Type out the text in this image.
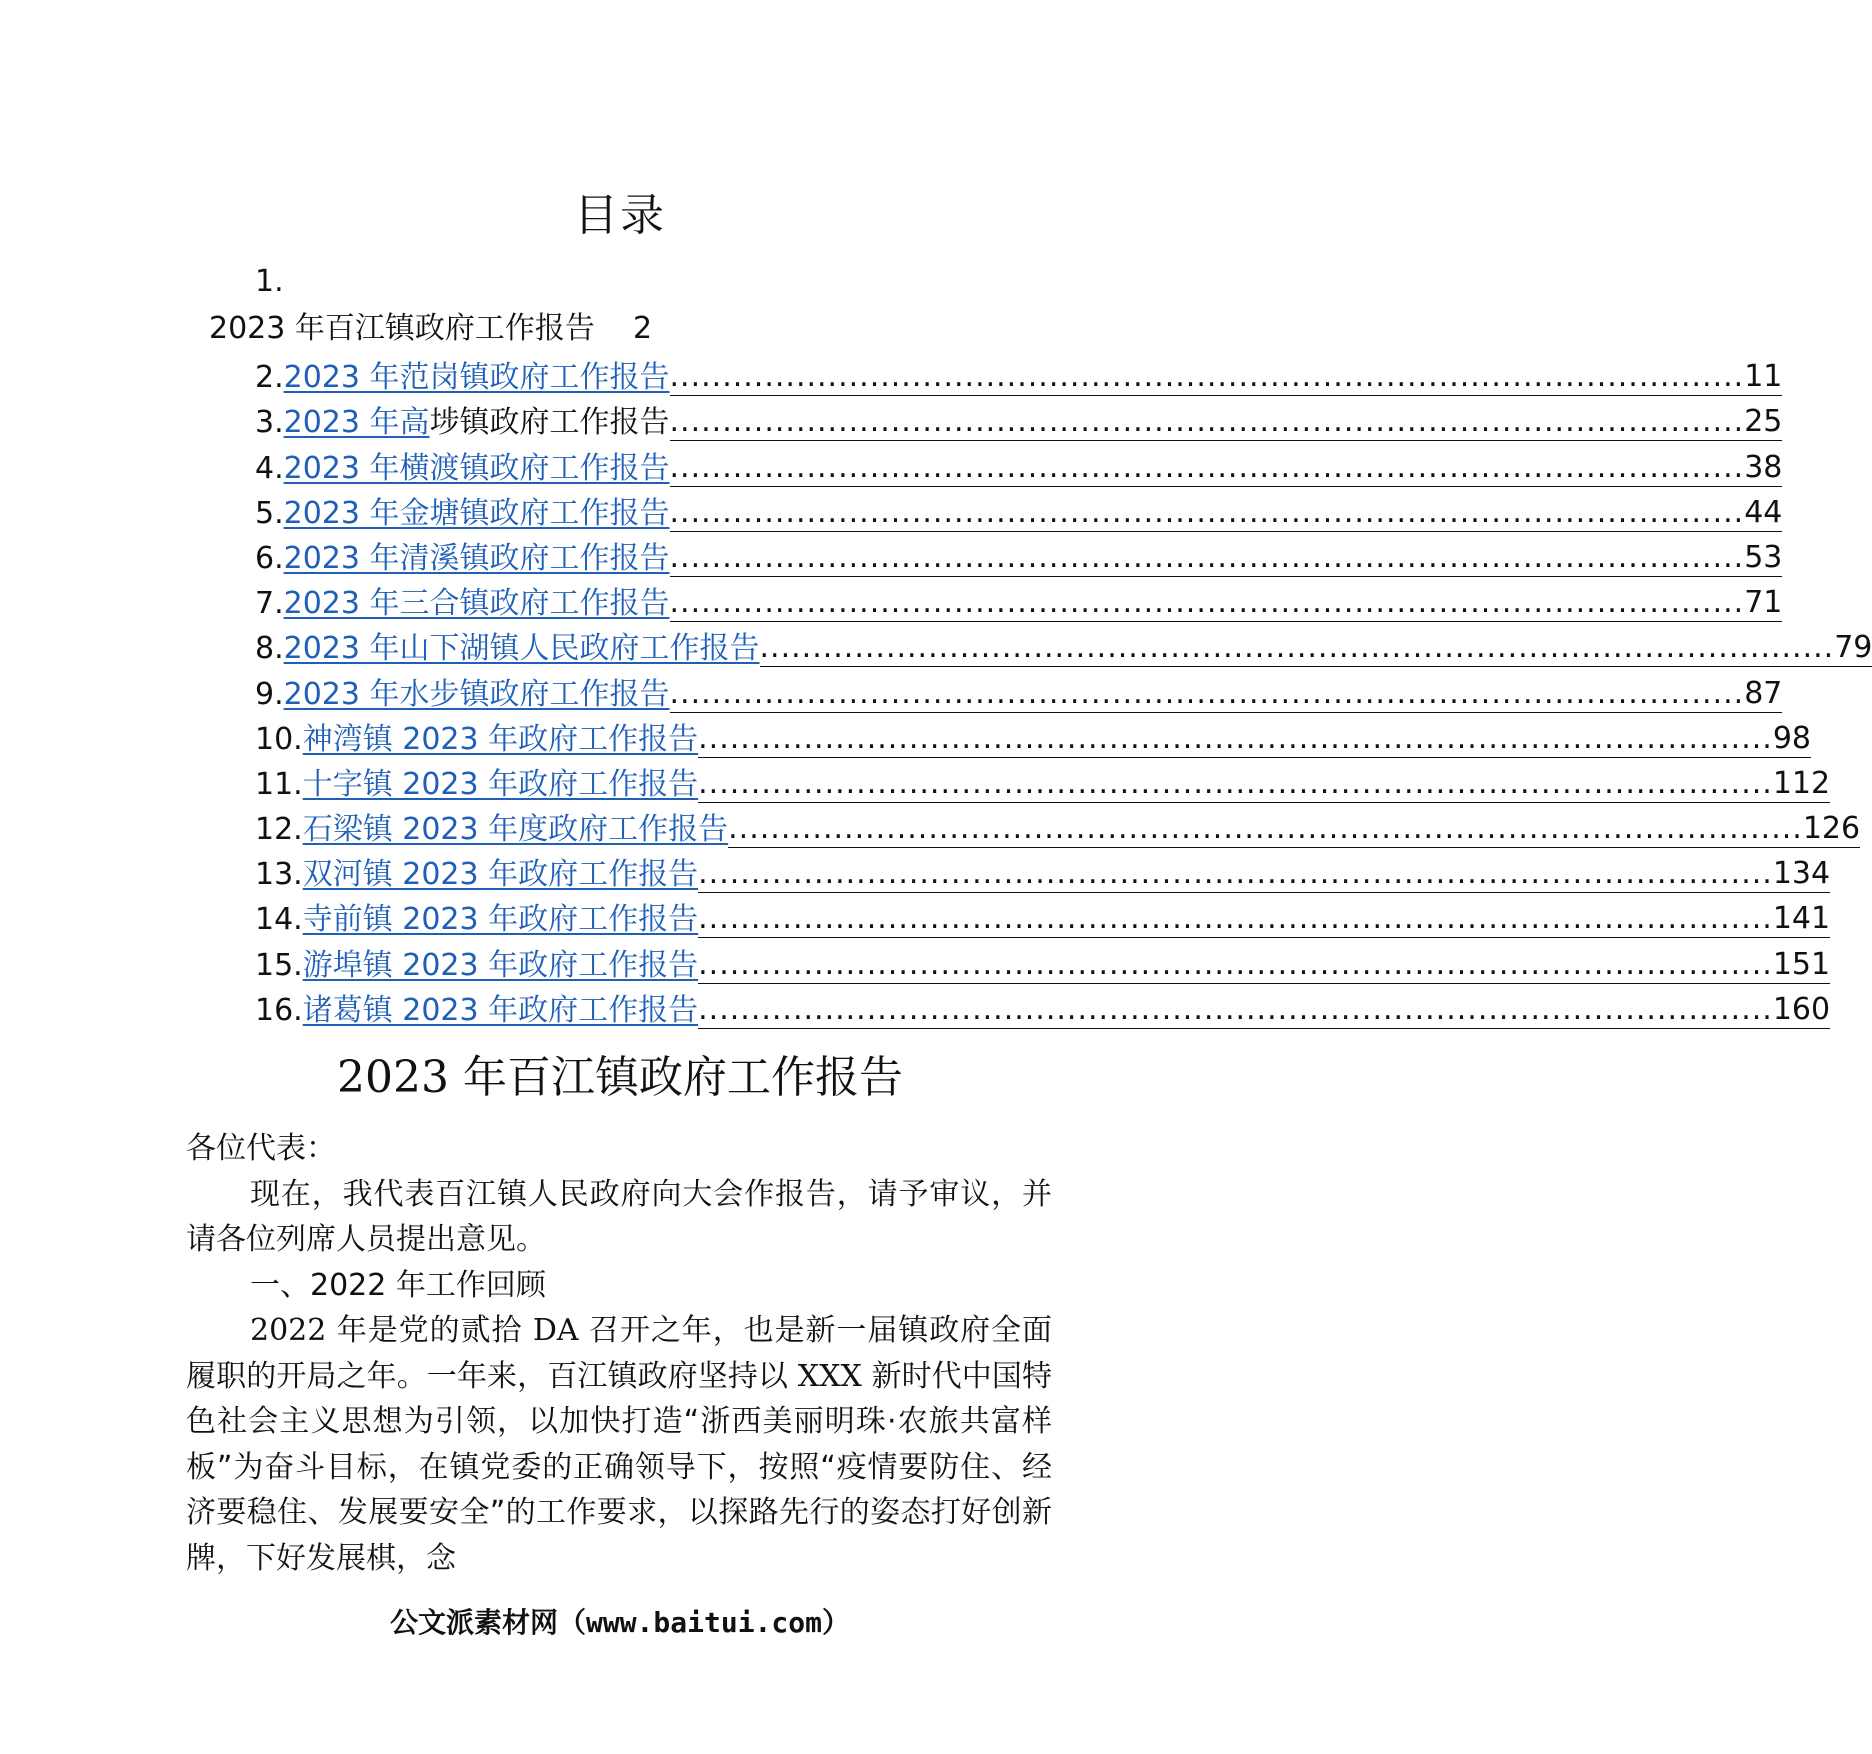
目录
1.
2023 年百江镇政府工作报告 2
2. 2023 年范岗镇政府工作报告 ...................................................................................................... 11
3. 2023 年高埗镇政府工作报告 ...................................................................................................... 25
4. 2023 年横渡镇政府工作报告 ...................................................................................................... 38
5. 2023 年金塘镇政府工作报告 ...................................................................................................... 44
6. 2023 年清溪镇政府工作报告 ...................................................................................................... 53
7. 2023 年三合镇政府工作报告 ...................................................................................................... 71
8. 2023 年山下湖镇人民政府工作报告 ...................................................................................................... 79
9. 2023 年水步镇政府工作报告 ...................................................................................................... 87
10. 神湾镇 2023 年政府工作报告 ...................................................................................................... 98
11. 十字镇 2023 年政府工作报告 ...................................................................................................... 112
12. 石梁镇 2023 年度政府工作报告 ...................................................................................................... 126
13. 双河镇 2023 年政府工作报告 ...................................................................................................... 134
14. 寺前镇 2023 年政府工作报告 ...................................................................................................... 141
15. 游埠镇 2023 年政府工作报告 ...................................................................................................... 151
16. 诸葛镇 2023 年政府工作报告 ...................................................................................................... 160
2023 年百江镇政府工作报告

各位代表：

现在，我代表百江镇人民政府向大会作报告，请予审议，并请各位列席人员提出意见。

一、2022 年工作回顾

2022 年是党的贰拾 DA 召开之年，也是新一届镇政府全面履职的开局之年。一年来，百江镇政府坚持以 XXX 新时代中国特色社会主义思想为引领，以加快打造“浙西美丽明珠·农旅共富样板”为奋斗目标，在镇党委的正确领导下，按照“疫情要防住、经济要稳住、发展要安全”的工作要求，以探路先行的姿态打好创新牌，下好发展棋，念

公文派素材网（www.baitui.com）
